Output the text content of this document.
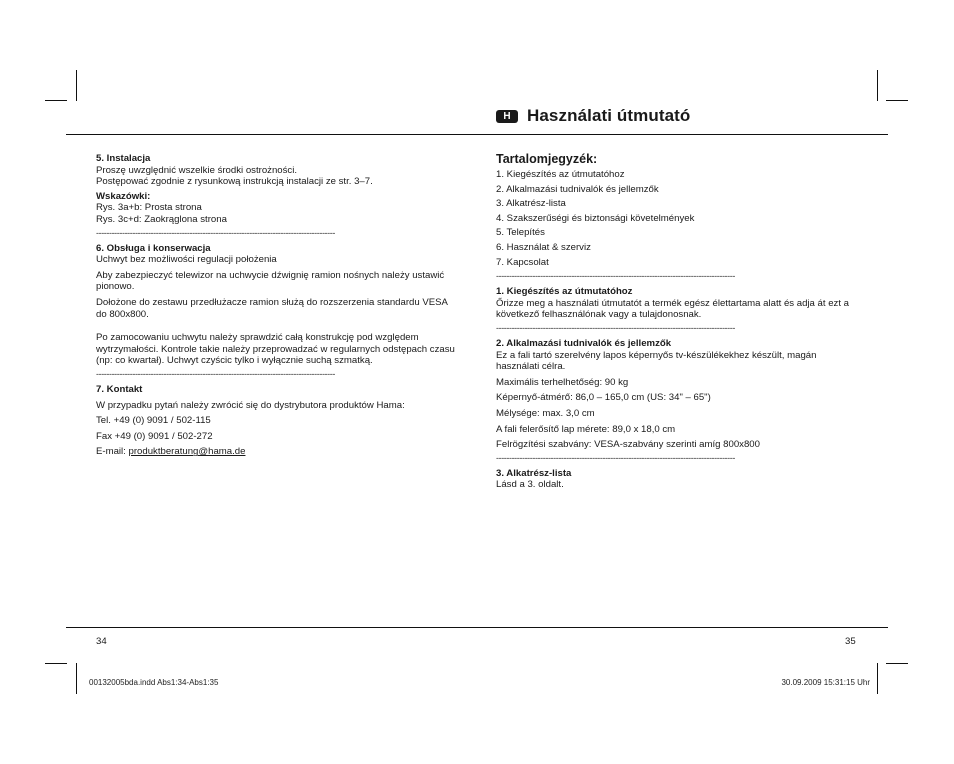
H Használati útmutató
5. Instalacja
Proszę uwzględnić wszelkie środki ostrożności.
Postępować zgodnie z rysunkową instrukcją instalacji ze str. 3–7.
Wskazówki:
Rys. 3a+b: Prosta strona
Rys. 3c+d: Zaokrąglona strona
--------------------------------------------------------------------------------------------
6. Obsługa i konserwacja
Uchwyt bez możliwości regulacji położenia
Aby zabezpieczyć telewizor na uchwycie dźwignię ramion nośnych należy ustawić pionowo.
Dołożone do zestawu przedłużacze ramion służą do rozszerzenia standardu VESA do 800x800.
Po zamocowaniu uchwytu należy sprawdzić całą konstrukcję pod względem wytrzymałości. Kontrole takie należy przeprowadzać w regularnych odstępach czasu (np: co kwartał). Uchwyt czyścic tylko i wyłącznie suchą szmatką.
--------------------------------------------------------------------------------------------
7. Kontakt
W przypadku pytań należy zwrócić się do dystrybutora produktów Hama:
Tel. +49 (0) 9091 / 502-115
Fax +49 (0) 9091 / 502-272
E-mail: produktberatung@hama.de
Tartalomjegyzék:
1. Kiegészítés az útmutatóhoz
2. Alkalmazási tudnivalók és jellemzők
3. Alkatrész-lista
4. Szakszerűségi és biztonsági követelmények
5. Telepítés
6. Használat & szerviz
7. Kapcsolat
--------------------------------------------------------------------------------------------
1. Kiegészítés az útmutatóhoz
Őrizze meg a használati útmutatót a termék egész élettartama alatt és adja át ezt a következő felhasználónak vagy a tulajdonosnak.
--------------------------------------------------------------------------------------------
2. Alkalmazási tudnivalók és jellemzők
Ez a fali tartó szerelvény lapos képernyős tv-készülékekhez készült, magán használati célra.
Maximális terhelhetőség: 90 kg
Képernyő-átmérő: 86,0 – 165,0 cm (US: 34" – 65")
Mélysége: max. 3,0 cm
A fali felerősítő lap mérete: 89,0 x 18,0 cm
Felrögzítési szabvány: VESA-szabvány szerinti amíg 800x800
--------------------------------------------------------------------------------------------
3. Alkatrész-lista
Lásd a 3. oldalt.
34	35
00132005bda.indd Abs1:34-Abs1:35	30.09.2009 15:31:15 Uhr
